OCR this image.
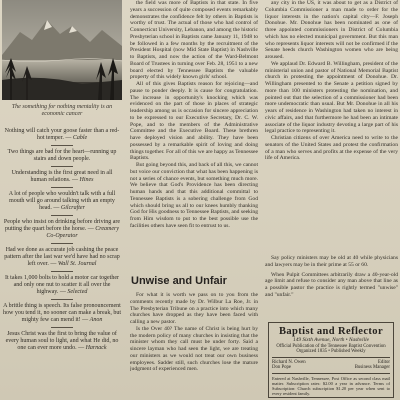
The something for nothing mentality is an economic cancer
Nothing will catch your goose faster than a red-hot temper. — Cable
Two things are bad for the heart—running up stairs and down people.
Understanding is the first great need in all human relations. — Hines
A lot of people who wouldn't talk with a full mouth will go around talking with an empty head. — Gilcrafter
People who insist on drinking before driving are putting the quart before the horse. — Creamery Co-Operator
Had we done as accurate job cashing the peace pattern after the last war we'd have had no scrap left over. — Wall St. Journal
It takes 1,000 bolts to hold a motor car together and only one nut to scatter it all over the highway. — Selected
A brittle thing is speech. Its false pronouncement how you tend it, no sooner can make a break, but mighty few can mend it! — Anon
Jesus Christ was the first to bring the value of every human soul to light, and what He did, no one can ever more undo. — Harnack

the field was more of Baptists in that state. In five years a succession of quite composed events remarkably demonstrates the confidence felt by others in Baptists is worthy of trust. The actual of those who had control of Connecticut University, Lebanon, and among the historic Presbyterian school in Baptists came January 11, 1948 to be followed in a few months by the recruitment of the President Hospital (now Mid State Baptist) in Nashville to Baptists, and now the action of the Ward-Belmont Board of Trustees in turning over Feb. 28, 1951 to a new board elected by Tennessee Baptists the valuable property of this widely known girls' school.

All of this gives Baptists reason for rejoicing—and pause to ponder deeply. It is cause for congratulation. The increase in opportunity's knocking which was evidenced on the part of those in places of strategic leadership among us is occasion for sincere appreciation to be expressed to our Executive Secretary, Dr. C. W. Pope, and to the members of the Administrative Committee and the Executive Board. These brethren have deployed vision and ability. They have been possessed by a remarkable spirit of loving and doing things together. For all of this we are happy as Tennessee Baptists.

But going beyond this, and back of all this, we cannot but voice our conviction that what has been happening is not a series of chance events, but something much more. We believe that God's Providence has been directing human hands and that this additional committal to Tennessee Baptists is a sobering challenge from God which should bring us all to our knees humbly thanking God for His goodness to Tennessee Baptists, and seeking from Him wisdom to put to the best possible use the facilities others have seen fit to entrust to us.

Unwise and Unfair

For what it is worth we pass on to you from the comments recently made by Dr. Wilbur La Roe, Jr. in The Presbyterian Tribune on a practice into which many churches have dropped as they have been faced with calling a new pastor.

Is the Over 40? The name of Christ is being hurt by the modern policy of many churches in insisting that the minister whom they call must be under forty. Said a sincere layman who had seen the light, we are treating our ministers as we would not treat our own business employees. Sadder still, such churches lose the mature judgment of experienced men.

any city in the US, it was about to get as a District of Columbia Commissioner a man made to order for the liquor interests in the nation's capital city—F. Joseph Donohue. Mr. Donohue has been nominated as one of three appointed commissioners in District of Columbia which has no elected municipal government. But this man who represents liquor interests will not be confirmed if the Senate heeds church Washington women who are being aroused.

We applaud Dr. Edward B. Willingham, president of the ministerial union and pastor of National Memorial Baptist church in protesting the appointment of Donohue. Dr. Willingham presented to the Senate a petition signed by more than 100 ministers protesting the nomination, and pointed out that the selection of a commissioner had been more undemocratic than usual. But Mr. Donohue in all his years of residence in Washington had taken no interest in civic affairs, and that furthermore he had been an intimate associate of the liquor industry devoting a large part of his legal practice to representing it.

Christian citizens of over America need to write to the senators of the United States and protest the confirmation of a man who serves and profits at the expense of the very life of America.

Say policy ministers may be old at 40 while physicians and lawyers may be in their prime at 55 or 60.

When Pulpit Committees arbitrarily draw a 40-year-old age limit and refuse to consider any man above that line as a possible pastor the practice is rightly termed "unwise" and "unfair."

Baptist and Reflector
149 Sixth Avenue, North • Nashville
Official Publication of the Tennessee Baptist Convention
Organized 1835 • Published Weekly
Richard N. Owen	Editor
Don Pope	Business Manager
Entered at Nashville, Tennessee, Post Office as second class mail matter. Subscription rates: $2.00 a year in advance. Terms of Subscription: Church subscription $1.20 per year when sent to every resident family.
